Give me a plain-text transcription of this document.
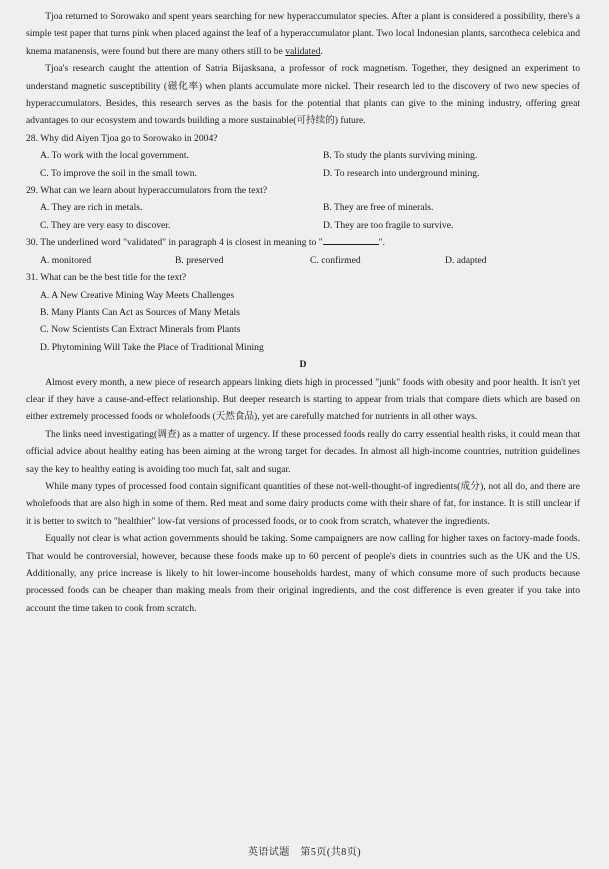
Tjoa returned to Sorowako and spent years searching for new hyperaccumulator species. After a plant is considered a possibility, there's a simple test paper that turns pink when placed against the leaf of a hyperaccumulator plant. Two local Indonesian plants, sarcotheca celebica and knema matanensis, were found but there are many others still to be validated.

Tjoa's research caught the attention of Satria Bijasksana, a professor of rock magnetism. Together, they designed an experiment to understand magnetic susceptibility (磁化率) when plants accumulate more nickel. Their research led to the discovery of two new species of hyperaccumulators. Besides, this research serves as the basis for the potential that plants can give to the mining industry, offering great advantages to our ecosystem and towards building a more sustainable(可持续的) future.

28. Why did Aiyen Tjoa go to Sorowako in 2004?

A. To work with the local government.	B. To study the plants surviving mining.
C. To improve the soil in the small town.	D. To research into underground mining.

29. What can we learn about hyperaccumulators from the text?

A. They are rich in metals.	B. They are free of minerals.
C. They are very easy to discover.	D. They are too fragile to survive.

30. The underlined word "validated" in paragraph 4 is closest in meaning to "	".

A. monitored	B. preserved	C. confirmed	D. adapted

31. What can be the best title for the text?

A. A New Creative Mining Way Meets Challenges

B. Many Plants Can Act as Sources of Many Metals

C. Now Scientists Can Extract Minerals from Plants

D. Phytomining Will Take the Place of Traditional Mining

D

Almost every month, a new piece of research appears linking diets high in processed "junk" foods with obesity and poor health. It isn't yet clear if they have a cause-and-effect relationship. But deeper research is starting to appear from trials that compare diets which are based on either extremely processed foods or wholefoods (天然食品), yet are carefully matched for nutrients in all other ways.

The links need investigating(调查) as a matter of urgency. If these processed foods really do carry essential health risks, it could mean that official advice about healthy eating has been aiming at the wrong target for decades. In almost all high-income countries, nutrition guidelines say the key to healthy eating is avoiding too much fat, salt and sugar.

While many types of processed food contain significant quantities of these not-well-thought-of ingredients(成分), not all do, and there are wholefoods that are also high in some of them. Red meat and some dairy products come with their share of fat, for instance. It is still unclear if it is better to switch to "healthier" low-fat versions of processed foods, or to cook from scratch, whatever the ingredients.

Equally not clear is what action governments should be taking. Some campaigners are now calling for higher taxes on factory-made foods. That would be controversial, however, because these foods make up to 60 percent of people's diets in countries such as the UK and the US. Additionally, any price increase is likely to hit lower-income households hardest, many of which consume more of such products because processed foods can be cheaper than making meals from their original ingredients, and the cost difference is even greater if you take into account the time taken to cook from scratch.

英语试题　第5页(共8页)
